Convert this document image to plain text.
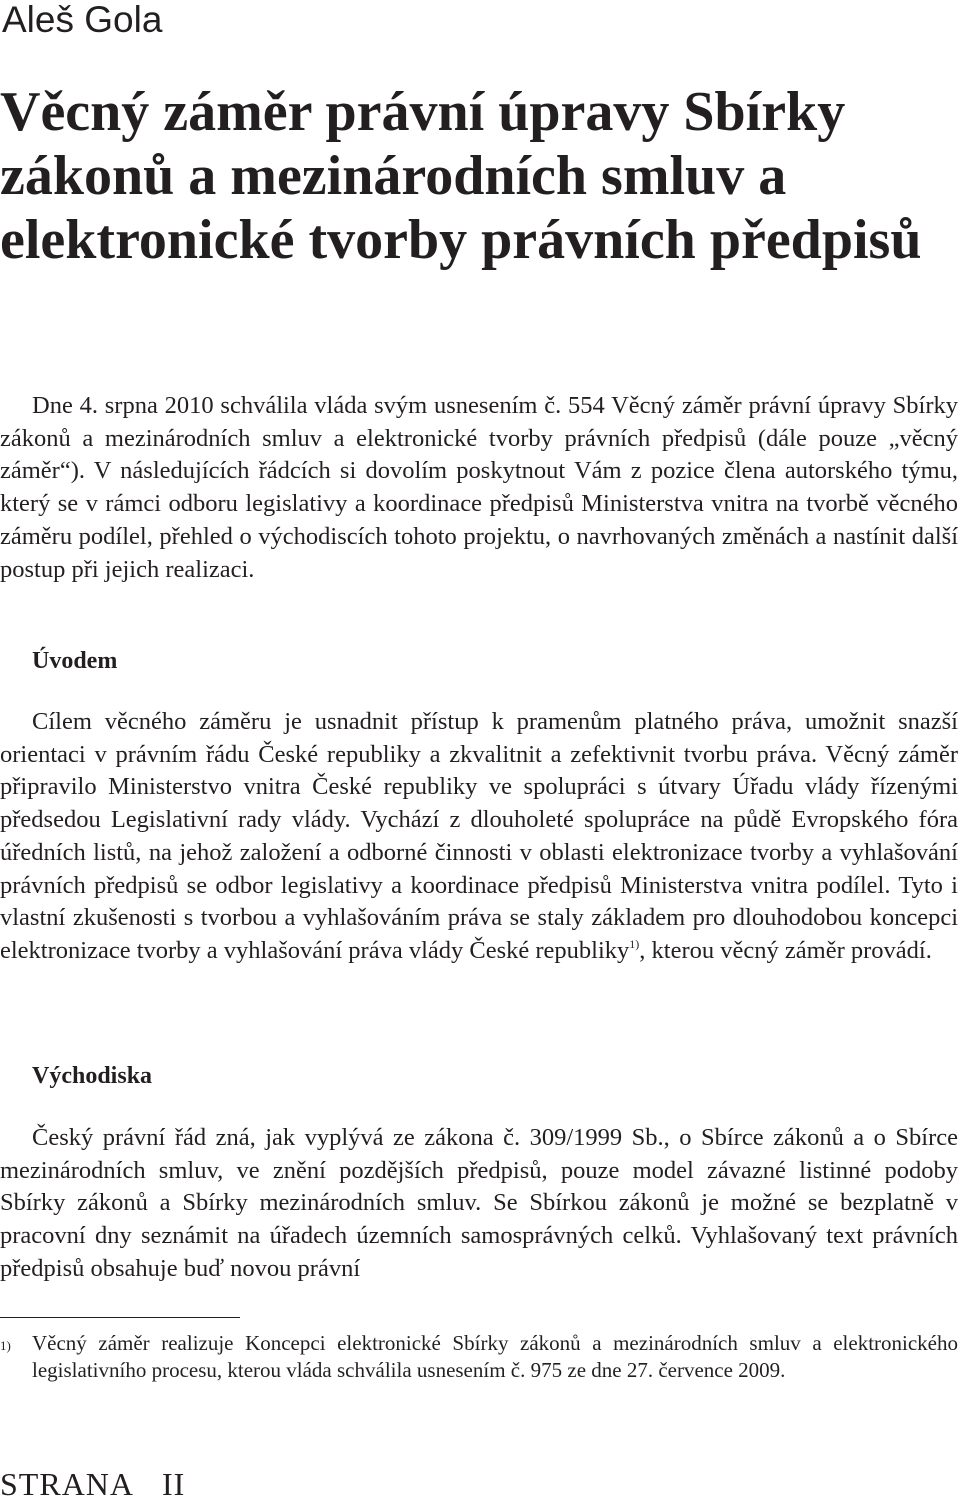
Aleš Gola
Věcný záměr právní úpravy Sbírky zákonů a mezinárodních smluv a elektronické tvorby právních předpisů

Dne 4. srpna 2010 schválila vláda svým usnesením č. 554 Věcný záměr právní úpravy Sbírky zákonů a mezinárodních smluv a elektronické tvorby právních předpisů (dále pouze „věcný záměr“). V následujících řádcích si dovolím poskytnout Vám z pozice člena autorského týmu, který se v rámci odboru legislativy a koordinace předpisů Ministerstva vnitra na tvorbě věcného záměru podílel, přehled o východiscích tohoto projektu, o navrhovaných změnách a nastínit další postup při jejich realizaci.

Úvodem

Cílem věcného záměru je usnadnit přístup k pramenům platného práva, umožnit snazší orientaci v právním řádu České republiky a zkvalitnit a zefektivnit tvorbu práva. Věcný záměr připravilo Ministerstvo vnitra České republiky ve spolupráci s útvary Úřadu vlády řízenými předsedou Legislativní rady vlády. Vychází z dlouholeté spolupráce na půdě Evropského fóra úředních listů, na jehož založení a odborné činnosti v oblasti elektronizace tvorby a vyhlašování právních předpisů se odbor legislativy a koordinace předpisů Ministerstva vnitra podílel. Tyto i vlastní zkušenosti s tvorbou a vyhlašováním práva se staly základem pro dlouhodobou koncepci elektronizace tvorby a vyhlašování práva vlády České republiky$^{1)}$, kterou věcný záměr provádí.

Východiska

Český právní řád zná, jak vyplývá ze zákona č. 309/1999 Sb., o Sbírce zákonů a o Sbírce mezinárodních smluv, ve znění pozdějších předpisů, pouze model závazné listinné podoby Sbírky zákonů a Sbírky mezinárodních smluv. Se Sbírkou zákonů je možné se bezplatně v pracovní dny seznámit na úřadech územních samosprávných celků. Vyhlašovaný text právních předpisů obsahuje buď novou právní

1)	Věcný záměr realizuje Koncepci elektronické Sbírky zákonů a mezinárodních smluv a elektronického legislativního procesu, kterou vláda schválila usnesením č. 975 ze dne 27. července 2009.
STRANA II
